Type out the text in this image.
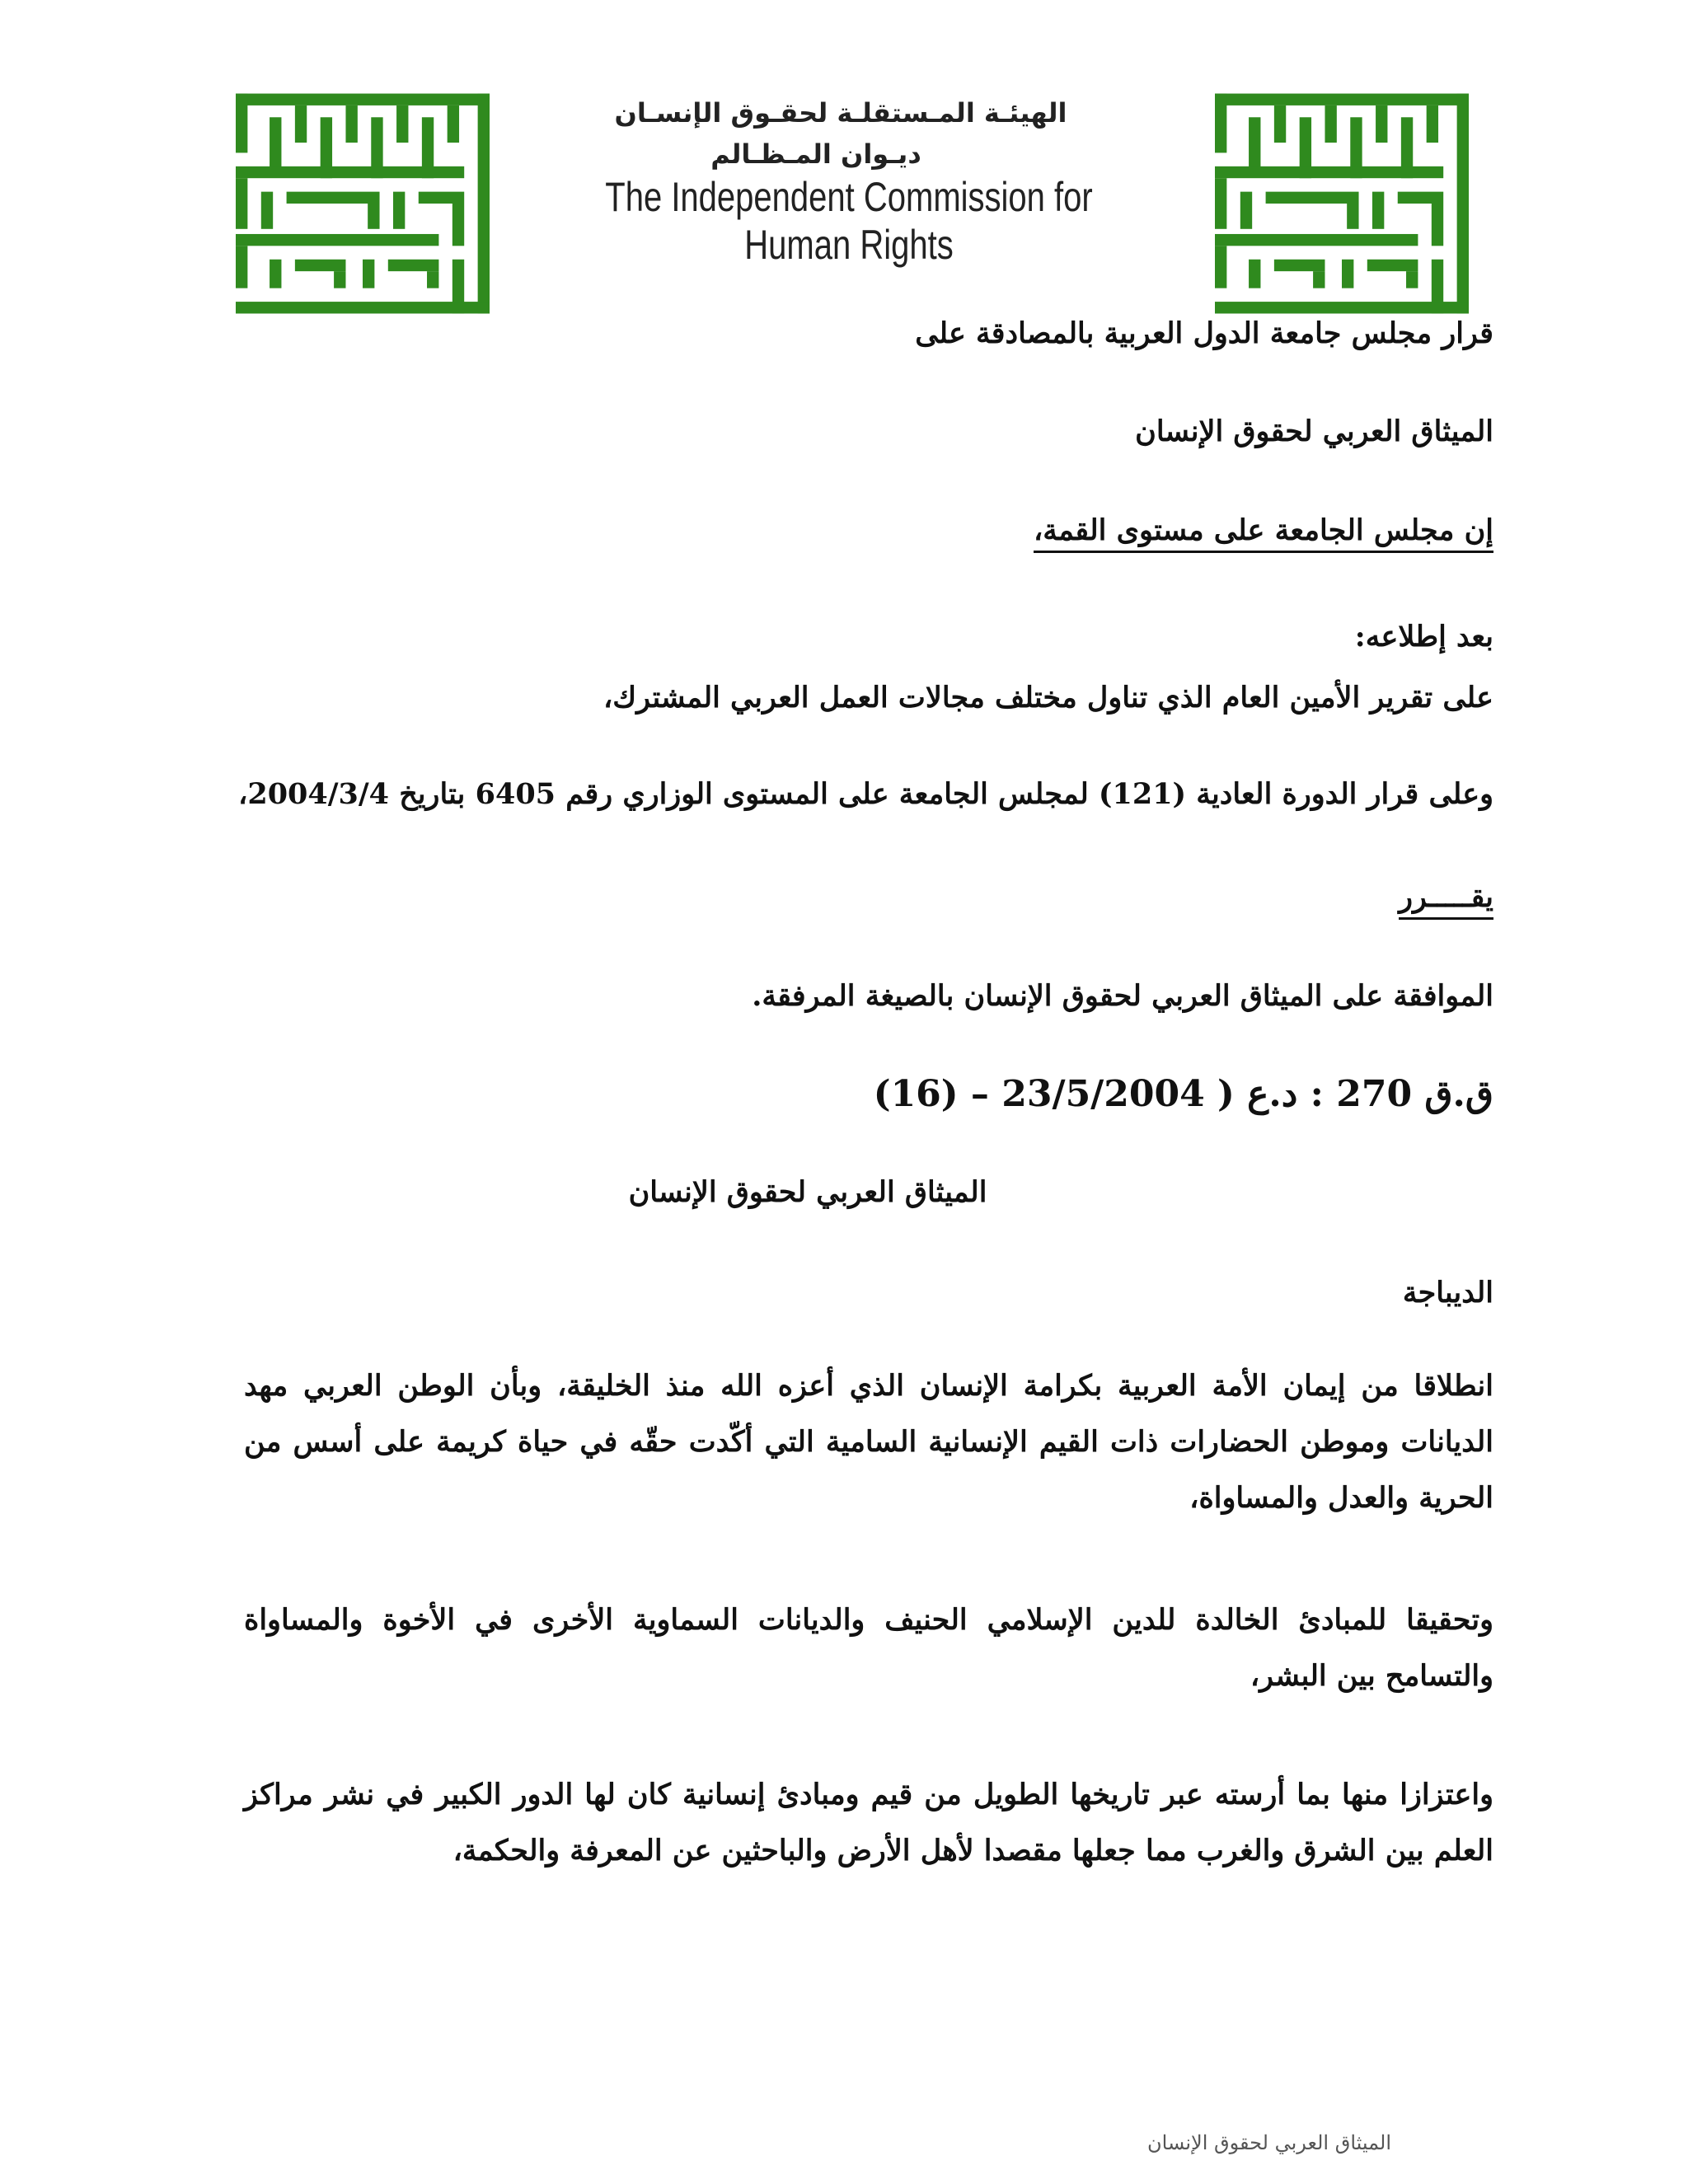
الهيئـة المـستقلـة لحقـوق الإنسـان
ديـوان المـظـالم
The Independent Commission for Human Rights
قرار مجلس جامعة الدول العربية بالمصادقة على
الميثاق العربي لحقوق الإنسان
إن مجلس الجامعة على مستوى القمة،
بعد إطلاعه:
على تقرير الأمين العام الذي تناول مختلف مجالات العمل العربي المشترك،
وعلى قرار الدورة العادية (121) لمجلس الجامعة على المستوى الوزاري رقم 6405 بتاريخ 2004/3/4،
يقـــــرر
الموافقة على الميثاق العربي لحقوق الإنسان بالصيغة المرفقة.
ق.ق 270 : د.ع ( 23/5/2004 – (16)
الميثاق العربي لحقوق الإنسان
الديباجة
انطلاقا من إيمان الأمة العربية بكرامة الإنسان الذي أعزه الله منذ الخليقة، وبأن الوطن العربي مهد الديانات وموطن الحضارات ذات القيم الإنسانية السامية التي أكّدت حقّه في حياة كريمة على أسس من الحرية والعدل والمساواة،
وتحقيقا للمبادئ الخالدة للدين الإسلامي الحنيف والديانات السماوية الأخرى في الأخوة والمساواة والتسامح بين البشر،
واعتزازا منها بما أرسته عبر تاريخها الطويل من قيم ومبادئ إنسانية كان لها الدور الكبير في نشر مراكز العلم بين الشرق والغرب مما جعلها مقصدا لأهل الأرض والباحثين عن المعرفة والحكمة،
الميثاق العربي لحقوق الإنسان
